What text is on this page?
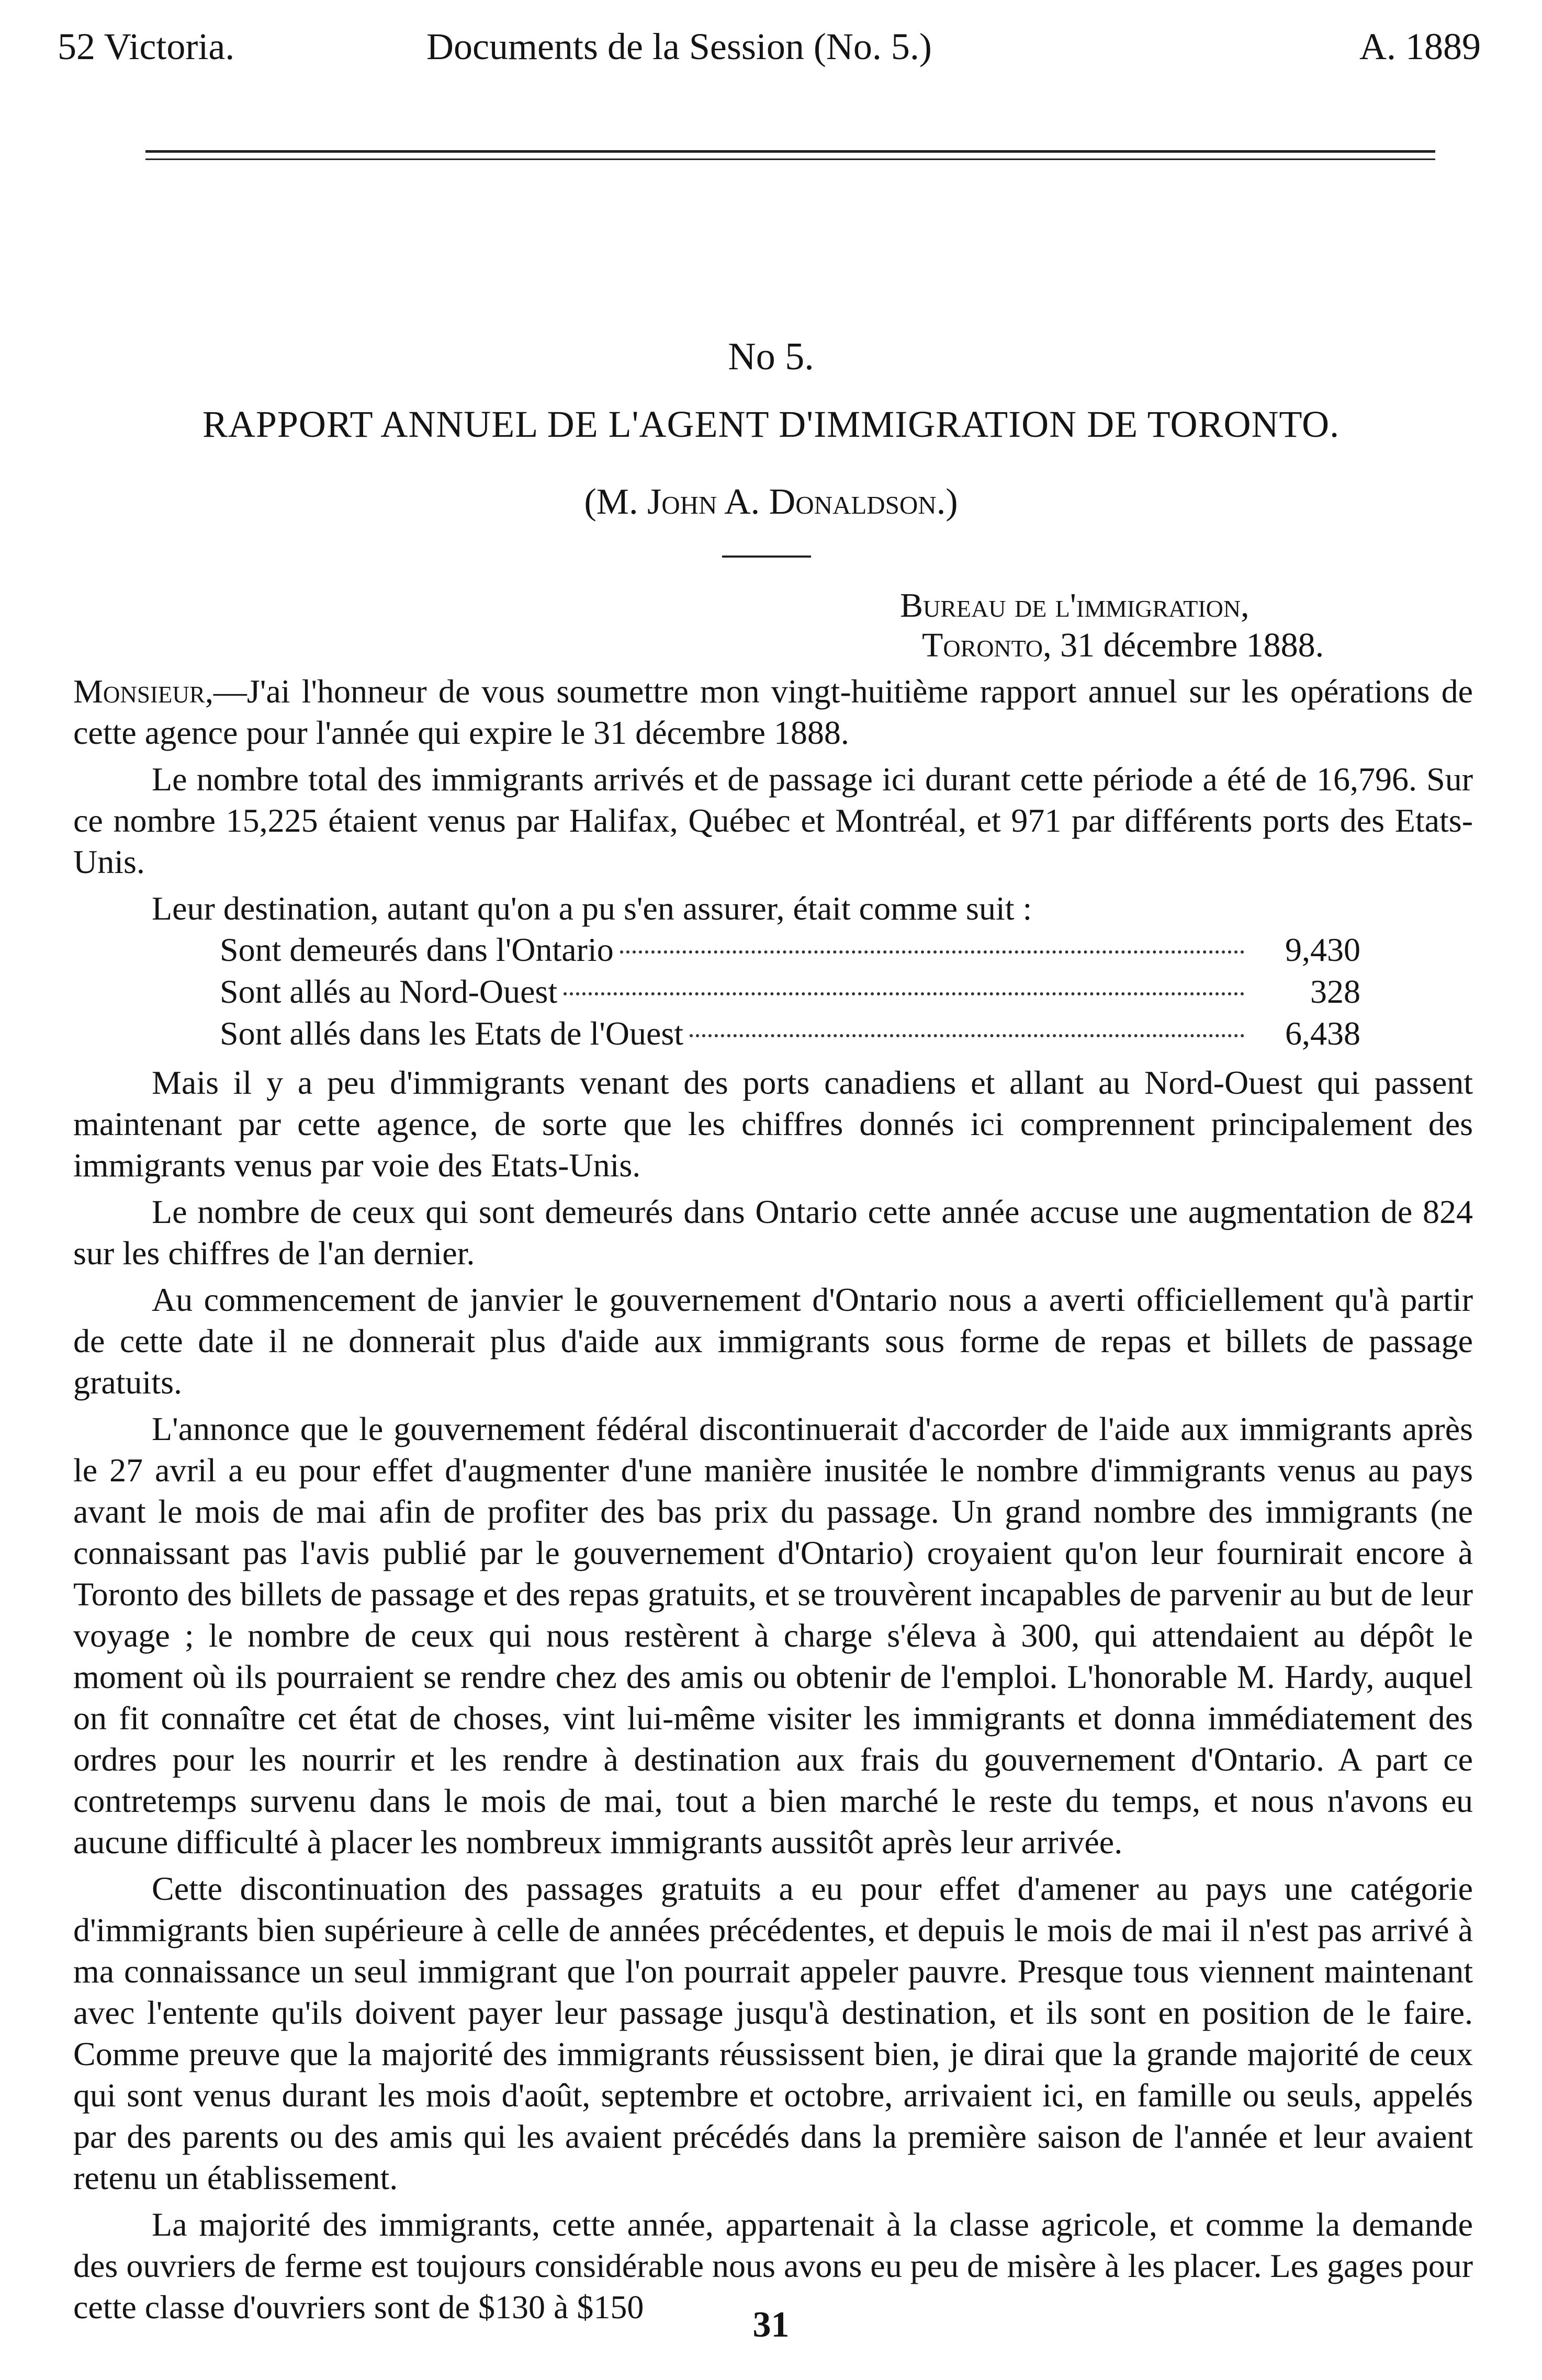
52 Victoria.	Documents de la Session (No. 5.)	A. 1889
No 5.
RAPPORT ANNUEL DE L'AGENT D'IMMIGRATION DE TORONTO.
(M. John A. Donaldson.)
Bureau de l'immigration,
Toronto, 31 décembre 1888.

Monsieur,—J'ai l'honneur de vous soumettre mon vingt-huitième rapport annuel sur les opérations de cette agence pour l'année qui expire le 31 décembre 1888.

Le nombre total des immigrants arrivés et de passage ici durant cette période a été de 16,796. Sur ce nombre 15,225 étaient venus par Halifax, Québec et Montréal, et 971 par différents ports des Etats-Unis.

Leur destination, autant qu'on a pu s'en assurer, était comme suit :

Sont demeurés dans l'Ontario	9,430
Sont allés au Nord-Ouest	328
Sont allés dans les Etats de l'Ouest	6,438

Mais il y a peu d'immigrants venant des ports canadiens et allant au Nord-Ouest qui passent maintenant par cette agence, de sorte que les chiffres donnés ici comprennent principalement des immigrants venus par voie des Etats-Unis.

Le nombre de ceux qui sont demeurés dans Ontario cette année accuse une augmentation de 824 sur les chiffres de l'an dernier.

Au commencement de janvier le gouvernement d'Ontario nous a averti officiellement qu'à partir de cette date il ne donnerait plus d'aide aux immigrants sous forme de repas et billets de passage gratuits.

L'annonce que le gouvernement fédéral discontinuerait d'accorder de l'aide aux immigrants après le 27 avril a eu pour effet d'augmenter d'une manière inusitée le nombre d'immigrants venus au pays avant le mois de mai afin de profiter des bas prix du passage. Un grand nombre des immigrants (ne connaissant pas l'avis publié par le gouvernement d'Ontario) croyaient qu'on leur fournirait encore à Toronto des billets de passage et des repas gratuits, et se trouvèrent incapables de parvenir au but de leur voyage ; le nombre de ceux qui nous restèrent à charge s'éleva à 300, qui attendaient au dépôt le moment où ils pourraient se rendre chez des amis ou obtenir de l'emploi. L'honorable M. Hardy, auquel on fit connaître cet état de choses, vint lui-même visiter les immigrants et donna immédiatement des ordres pour les nourrir et les rendre à destination aux frais du gouvernement d'Ontario. A part ce contretemps survenu dans le mois de mai, tout a bien marché le reste du temps, et nous n'avons eu aucune difficulté à placer les nombreux immigrants aussitôt après leur arrivée.

Cette discontinuation des passages gratuits a eu pour effet d'amener au pays une catégorie d'immigrants bien supérieure à celle de années précédentes, et depuis le mois de mai il n'est pas arrivé à ma connaissance un seul immigrant que l'on pourrait appeler pauvre. Presque tous viennent maintenant avec l'entente qu'ils doivent payer leur passage jusqu'à destination, et ils sont en position de le faire. Comme preuve que la majorité des immigrants réussissent bien, je dirai que la grande majorité de ceux qui sont venus durant les mois d'août, septembre et octobre, arrivaient ici, en famille ou seuls, appelés par des parents ou des amis qui les avaient précédés dans la première saison de l'année et leur avaient retenu un établissement.

La majorité des immigrants, cette année, appartenait à la classe agricole, et comme la demande des ouvriers de ferme est toujours considérable nous avons eu peu de misère à les placer. Les gages pour cette classe d'ouvriers sont de $130 à $150	31
